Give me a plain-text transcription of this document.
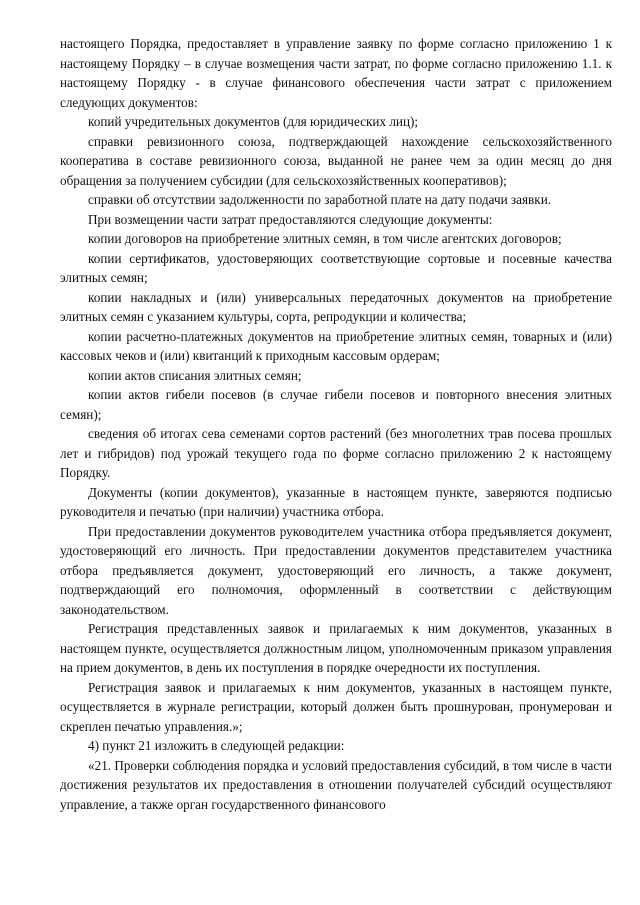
настоящего Порядка, предоставляет в управление заявку по форме согласно приложению 1 к настоящему Порядку – в случае возмещения части затрат, по форме согласно приложению 1.1. к настоящему Порядку - в случае финансового обеспечения части затрат с приложением следующих документов:

копий учредительных документов (для юридических лиц);

справки ревизионного союза, подтверждающей нахождение сельскохозяйственного кооператива в составе ревизионного союза, выданной не ранее чем за один месяц до дня обращения за получением субсидии (для сельскохозяйственных кооперативов);

справки об отсутствии задолженности по заработной плате на дату подачи заявки.

При возмещении части затрат предоставляются следующие документы:

копии договоров на приобретение элитных семян, в том числе агентских договоров;

копии сертификатов, удостоверяющих соответствующие сортовые и посевные качества элитных семян;

копии накладных и (или) универсальных передаточных документов на приобретение элитных семян с указанием культуры, сорта, репродукции и количества;

копии расчетно-платежных документов на приобретение элитных семян, товарных и (или) кассовых чеков и (или) квитанций к приходным кассовым ордерам;

копии актов списания элитных семян;

копии актов гибели посевов (в случае гибели посевов и повторного внесения элитных семян);

сведения об итогах сева семенами сортов растений (без многолетних трав посева прошлых лет и гибридов) под урожай текущего года по форме согласно приложению 2 к настоящему Порядку.

Документы (копии документов), указанные в настоящем пункте, заверяются подписью руководителя и печатью (при наличии) участника отбора.

При предоставлении документов руководителем участника отбора предъявляется документ, удостоверяющий его личность. При предоставлении документов представителем участника отбора предъявляется документ, удостоверяющий его личность, а также документ, подтверждающий его полномочия, оформленный в соответствии с действующим законодательством.

Регистрация представленных заявок и прилагаемых к ним документов, указанных в настоящем пункте, осуществляется должностным лицом, уполномоченным приказом управления на прием документов, в день их поступления в порядке очередности их поступления.

Регистрация заявок и прилагаемых к ним документов, указанных в настоящем пункте, осуществляется в журнале регистрации, который должен быть прошнурован, пронумерован и скреплен печатью управления.»;

4) пункт 21 изложить в следующей редакции:

«21. Проверки соблюдения порядка и условий предоставления субсидий, в том числе в части достижения результатов их предоставления в отношении получателей субсидий осуществляют управление, а также орган государственного финансового
